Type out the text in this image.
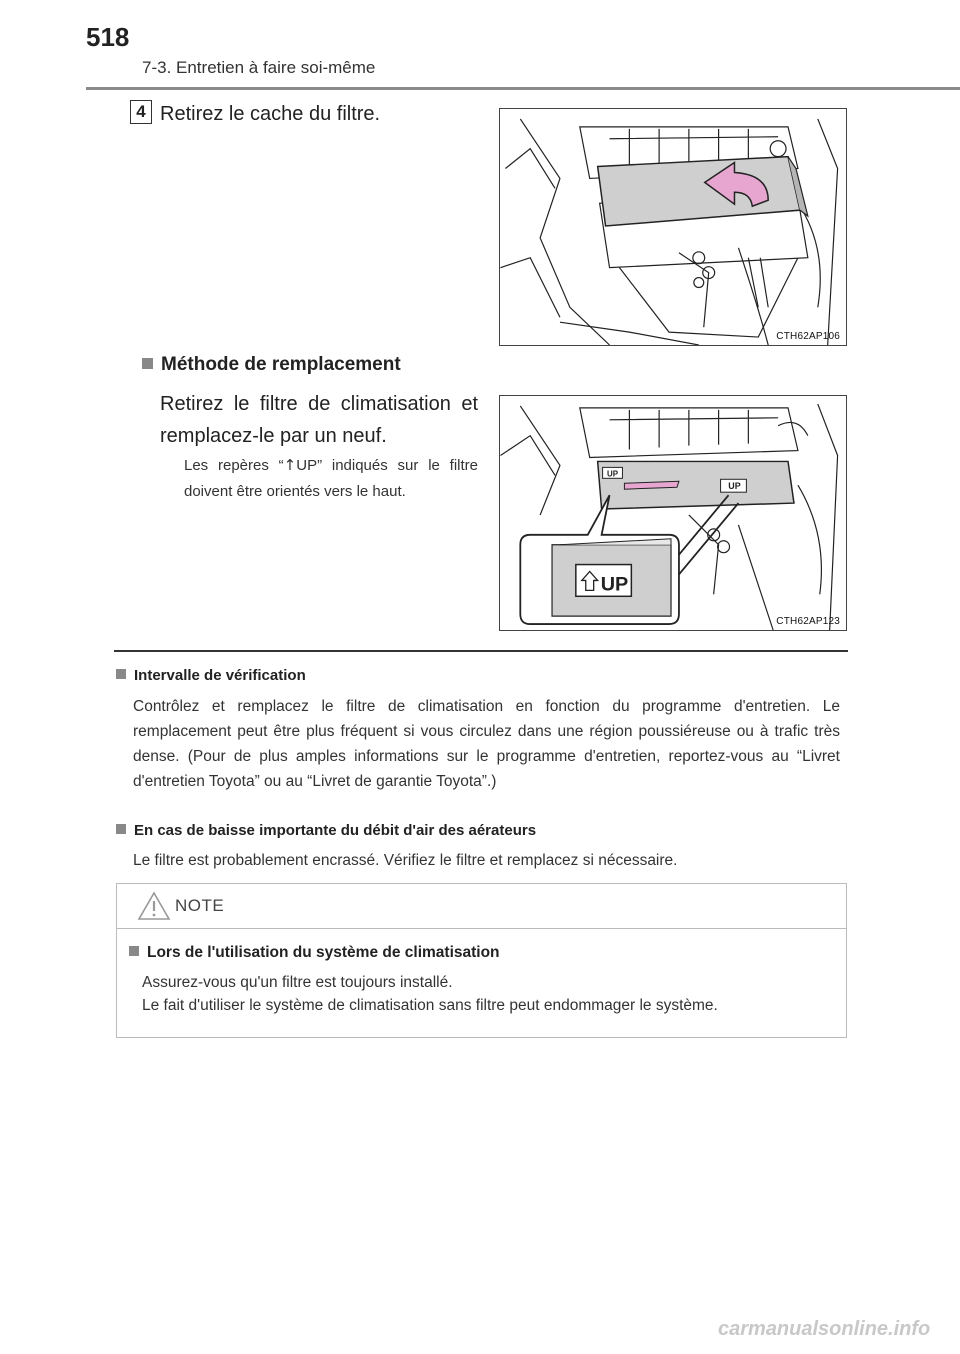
518
7-3. Entretien à faire soi-même
4 Retirez le cache du filtre.
CTH62AP106
Méthode de remplacement
Retirez le filtre de climatisation et remplacez-le par un neuf.
Les repères “↑UP” indiqués sur le filtre doivent être orientés vers le haut.
UP
UP
UP
CTH62AP123
Intervalle de vérification
Contrôlez et remplacez le filtre de climatisation en fonction du programme d'entretien. Le remplacement peut être plus fréquent si vous circulez dans une région poussiéreuse ou à trafic très dense. (Pour de plus amples informations sur le programme d'entretien, reportez-vous au “Livret d'entretien Toyota” ou au “Livret de garantie Toyota”.)
En cas de baisse importante du débit d'air des aérateurs
Le filtre est probablement encrassé. Vérifiez le filtre et remplacez si nécessaire.
NOTE
Lors de l'utilisation du système de climatisation
Assurez-vous qu'un filtre est toujours installé.
Le fait d'utiliser le système de climatisation sans filtre peut endommager le système.
carmanualsonline.info
